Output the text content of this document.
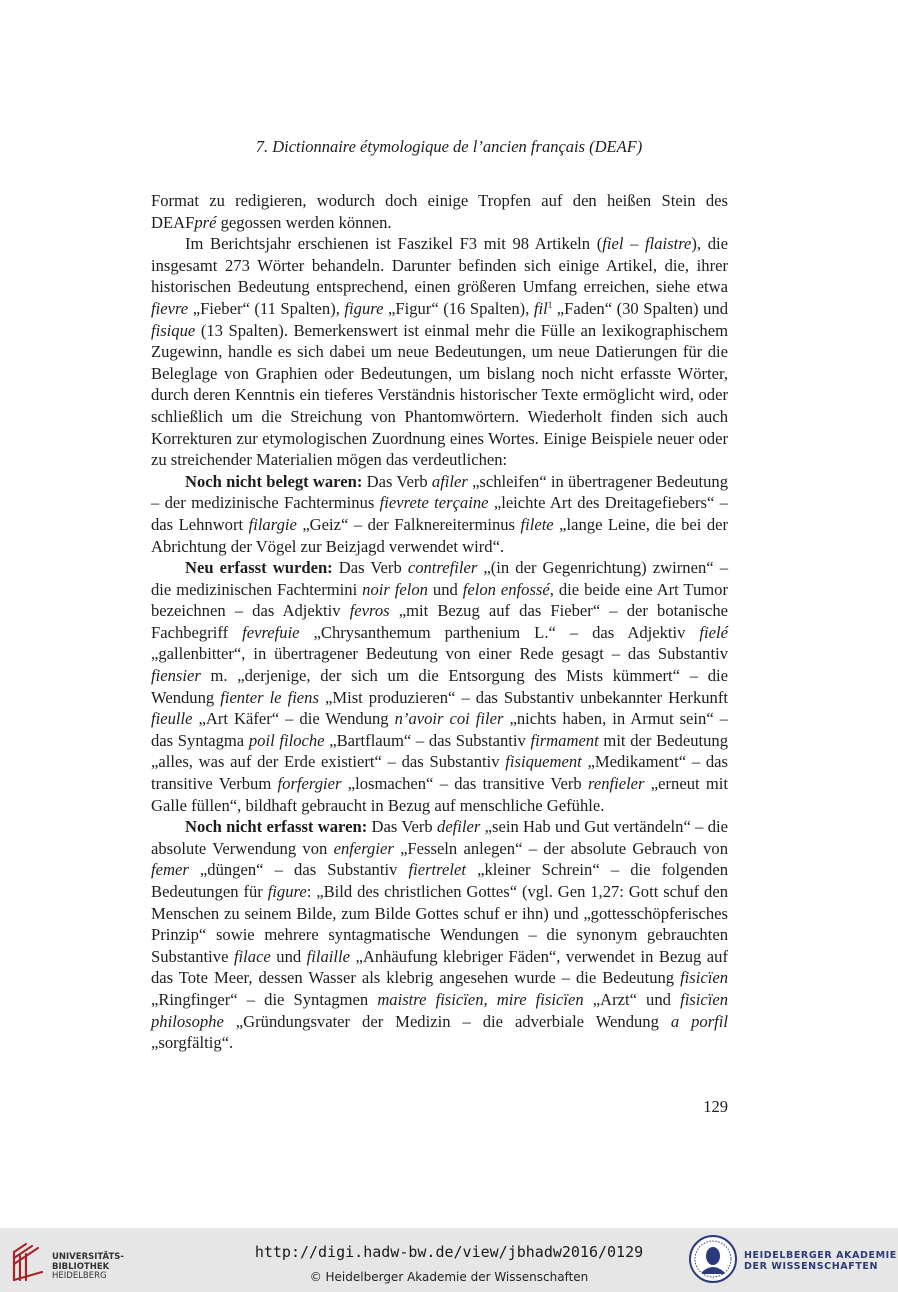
7. Dictionnaire étymologique de l’ancien français (DEAF)

Format zu redigieren, wodurch doch einige Tropfen auf den heißen Stein des DEAFpré gegossen werden können.

Im Berichtsjahr erschienen ist Faszikel F3 mit 98 Artikeln (fiel – flaistre), die insgesamt 273 Wörter behandeln. Darunter befinden sich einige Artikel, die, ihrer historischen Bedeutung entsprechend, einen größeren Umfang erreichen, siehe etwa fievre „Fieber“ (11 Spalten), figure „Figur“ (16 Spalten), fil$^1$ „Faden“ (30 Spalten) und fisique (13 Spalten). Bemerkenswert ist einmal mehr die Fülle an lexikographischem Zugewinn, handle es sich dabei um neue Bedeutungen, um neue Datierungen für die Beleglage von Graphien oder Bedeutungen, um bislang noch nicht erfasste Wörter, durch deren Kenntnis ein tieferes Verständnis historischer Texte ermöglicht wird, oder schließlich um die Streichung von Phantomwörtern. Wiederholt finden sich auch Korrekturen zur etymologischen Zuordnung eines Wortes. Einige Beispiele neuer oder zu streichender Materialien mögen das verdeutlichen:

Noch nicht belegt waren: Das Verb afiler „schleifen“ in übertragener Bedeutung – der medizinische Fachterminus fievrete terçaine „leichte Art des Dreitagefiebers“ – das Lehnwort filargie „Geiz“ – der Falknereiterminus filete „lange Leine, die bei der Abrichtung der Vögel zur Beizjagd verwendet wird“.

Neu erfasst wurden: Das Verb contrefiler „(in der Gegenrichtung) zwirnen“ – die medizinischen Fachtermini noir felon und felon enfossé, die beide eine Art Tumor bezeichnen – das Adjektiv fevros „mit Bezug auf das Fieber“ – der botanische Fachbegriff fevrefuie „Chrysanthemum parthenium L.“ – das Adjektiv fielé „gallenbitter“, in übertragener Bedeutung von einer Rede gesagt – das Substantiv fiensier m. „derjenige, der sich um die Entsorgung des Mists kümmert“ – die Wendung fienter le fiens „Mist produzieren“ – das Substantiv unbekannter Herkunft fieulle „Art Käfer“ – die Wendung n’avoir coi filer „nichts haben, in Armut sein“ – das Syntagma poil filoche „Bartflaum“ – das Substantiv firmament mit der Bedeutung „alles, was auf der Erde existiert“ – das Substantiv fisiquement „Medikament“ – das transitive Verbum forfergier „losmachen“ – das transitive Verb renfieler „erneut mit Galle füllen“, bildhaft gebraucht in Bezug auf menschliche Gefühle.

Noch nicht erfasst waren: Das Verb defiler „sein Hab und Gut vertändeln“ – die absolute Verwendung von enfergier „Fesseln anlegen“ – der absolute Gebrauch von femer „düngen“ – das Substantiv fiertrelet „kleiner Schrein“ – die folgenden Bedeutungen für figure: „Bild des christlichen Gottes“ (vgl. Gen 1,27: Gott schuf den Menschen zu seinem Bilde, zum Bilde Gottes schuf er ihn) und „gottesschöpferisches Prinzip“ sowie mehrere syntagmatische Wendungen – die synonym gebrauchten Substantive filace und filaille „Anhäufung klebriger Fäden“, verwendet in Bezug auf das Tote Meer, dessen Wasser als klebrig angesehen wurde – die Bedeutung fisicïen „Ringfinger“ – die Syntagmen maistre fisicïen, mire fisicïen „Arzt“ und fisicïen philosophe „Gründungsvater der Medizin – die adverbiale Wendung a porfil „sorgfältig“.

129
UNIVERSITÄTS-
BIBLIOTHEK
HEIDELBERG
http://digi.hadw-bw.de/view/jbhadw2016/0129
© Heidelberger Akademie der Wissenschaften
HEIDELBERGER AKADEMIE
DER WISSENSCHAFTEN
